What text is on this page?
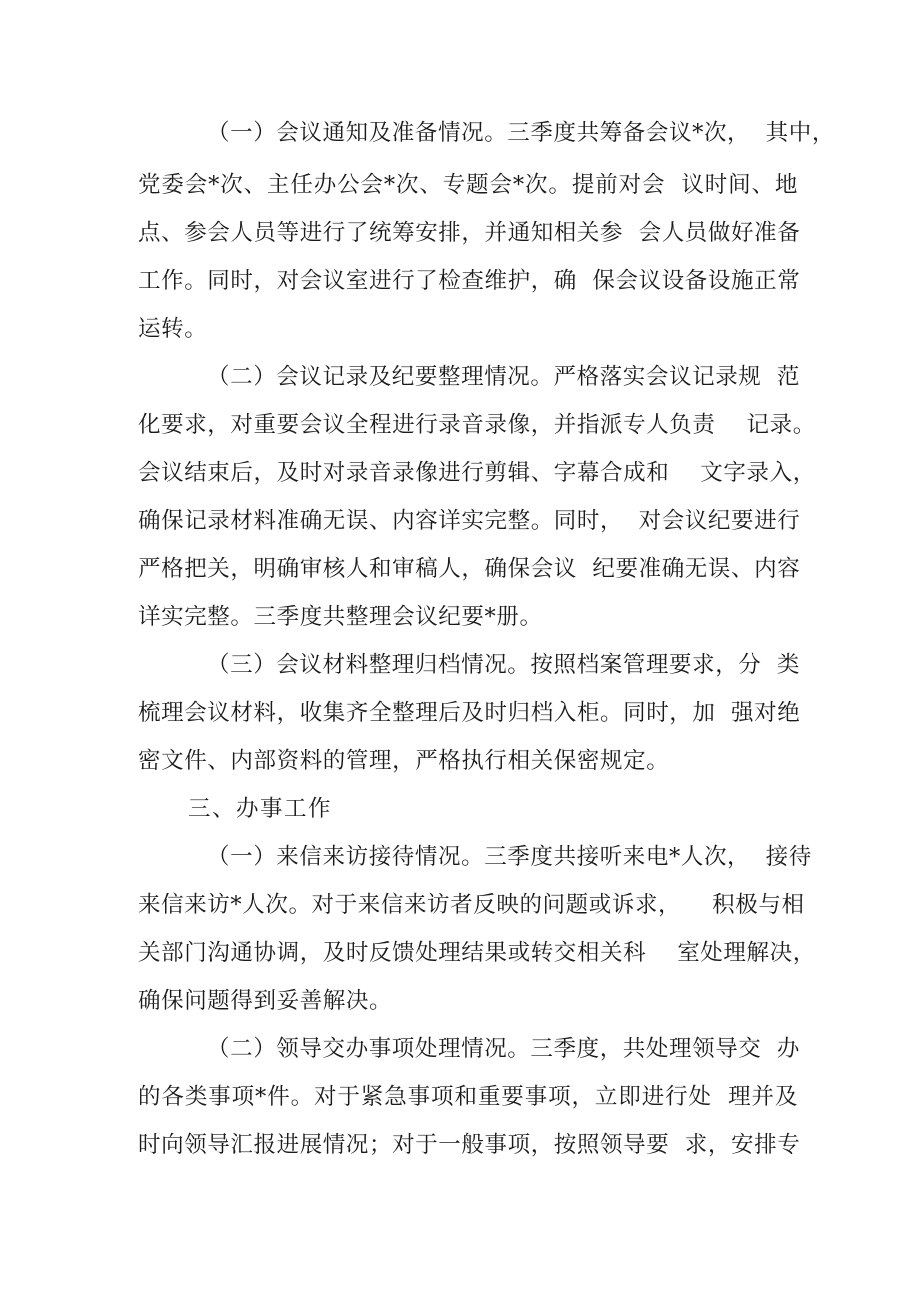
（一）会议通知及准备情况。三季度共筹备会议*次，  其中，
党委会*次、主任办公会*次、专题会*次。提前对会  议时间、地
点、参会人员等进行了统筹安排，并通知相关参  会人员做好准备
工作。同时，对会议室进行了检查维护，确  保会议设备设施正常
运转。
（二）会议记录及纪要整理情况。严格落实会议记录规  范
化要求，对重要会议全程进行录音录像，并指派专人负责    记录。
会议结束后，及时对录音录像进行剪辑、字幕合成和    文字录入，
确保记录材料准确无误、内容详实完整。同时，  对会议纪要进行
严格把关，明确审核人和审稿人，确保会议  纪要准确无误、内容
详实完整。三季度共整理会议纪要*册。
（三）会议材料整理归档情况。按照档案管理要求，分  类
梳理会议材料，收集齐全整理后及时归档入柜。同时，加  强对绝
密文件、内部资料的管理，严格执行相关保密规定。
三、办事工作
（一）来信来访接待情况。三季度共接听来电*人次，  接待
来信来访*人次。对于来信来访者反映的问题或诉求，    积极与相
关部门沟通协调，及时反馈处理结果或转交相关科    室处理解决，
确保问题得到妥善解决。
（二）领导交办事项处理情况。三季度，共处理领导交  办
的各类事项*件。对于紧急事项和重要事项，立即进行处  理并及
时向领导汇报进展情况；对于一般事项，按照领导要  求，安排专
